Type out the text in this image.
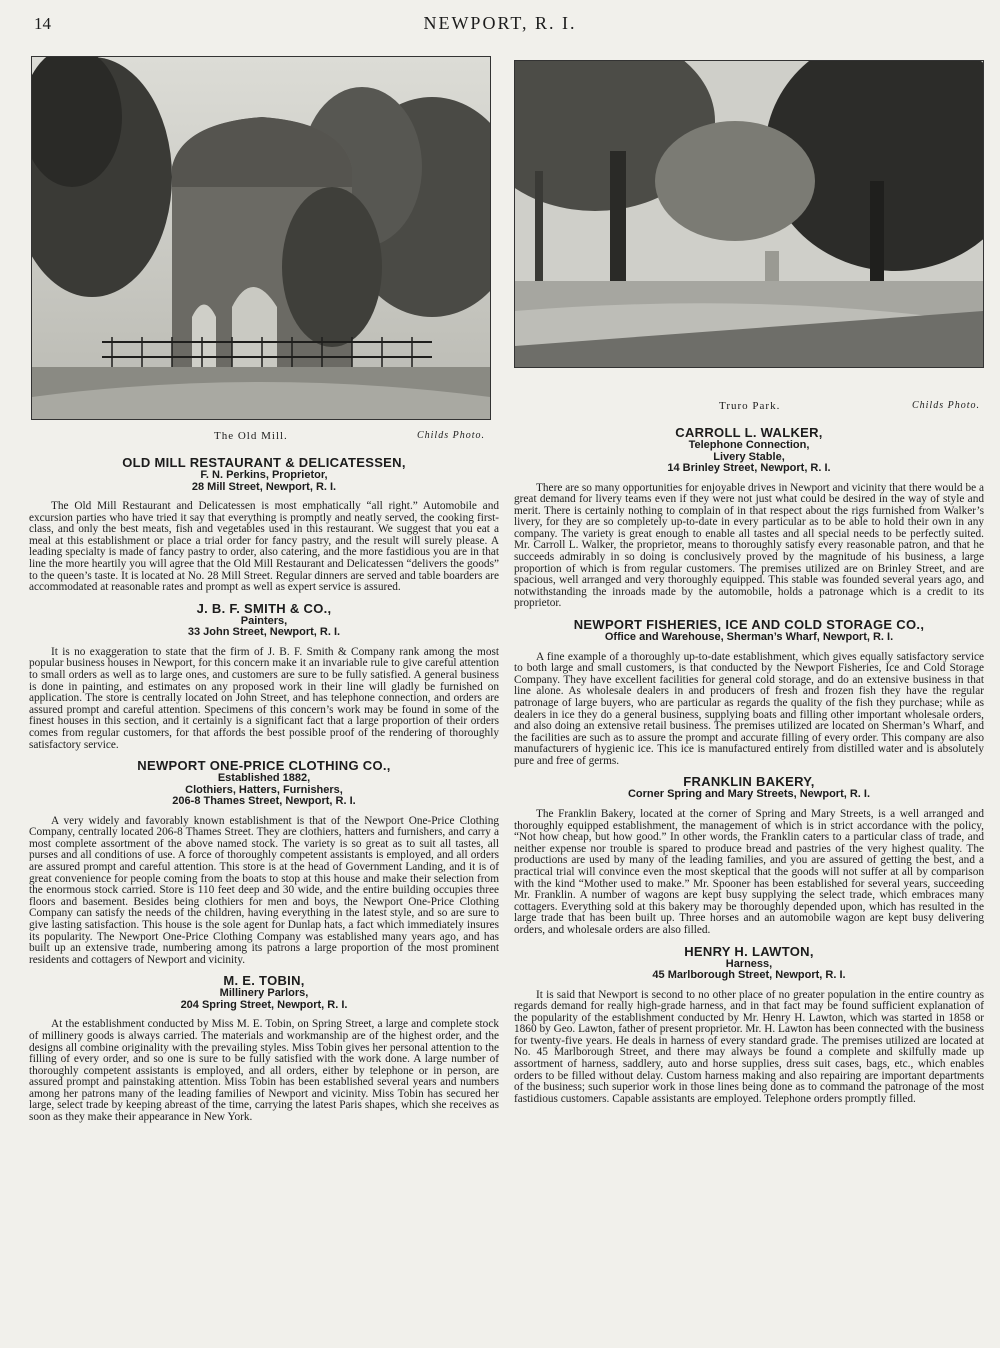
14	NEWPORT, R. I.
The Old Mill.	Childs Photo.
OLD MILL RESTAURANT & DELICATESSEN,
F. N. Perkins, Proprietor,
28 Mill Street, Newport, R. I.
The Old Mill Restaurant and Delicatessen is most emphatically “all right.” Automobile and excursion parties who have tried it say that everything is promptly and neatly served, the cooking first-class, and only the best meats, fish and vegetables used in this restaurant. We suggest that you eat a meal at this establishment or place a trial order for fancy pastry, and the result will surely please. A leading specialty is made of fancy pastry to order, also catering, and the more fastidious you are in that line the more heartily you will agree that the Old Mill Restaurant and Delicatessen “delivers the goods” to the queen’s taste. It is located at No. 28 Mill Street. Regular dinners are served and table boarders are accommodated at reasonable rates and prompt as well as expert service is assured.
J. B. F. SMITH & CO.,
Painters,
33 John Street, Newport, R. I.
It is no exaggeration to state that the firm of J. B. F. Smith & Company rank among the most popular business houses in Newport, for this concern make it an invariable rule to give careful attention to small orders as well as to large ones, and customers are sure to be fully satisfied. A general business is done in painting, and estimates on any proposed work in their line will gladly be furnished on application. The store is centrally located on John Street, and has telephone connection, and orders are assured prompt and careful attention. Specimens of this concern’s work may be found in some of the finest houses in this section, and it certainly is a significant fact that a large proportion of their orders comes from regular customers, for that affords the best possible proof of the rendering of thoroughly satisfactory service.
NEWPORT ONE-PRICE CLOTHING CO.,
Established 1882,
Clothiers, Hatters, Furnishers,
206-8 Thames Street, Newport, R. I.
A very widely and favorably known establishment is that of the Newport One-Price Clothing Company, centrally located 206-8 Thames Street. They are clothiers, hatters and furnishers, and carry a most complete assortment of the above named stock. The variety is so great as to suit all tastes, all purses and all conditions of use. A force of thoroughly competent assistants is employed, and all orders are assured prompt and careful attention. This store is at the head of Government Landing, and it is of great convenience for people coming from the boats to stop at this house and make their selection from the enormous stock carried. Store is 110 feet deep and 30 wide, and the entire building occupies three floors and basement. Besides being clothiers for men and boys, the Newport One-Price Clothing Company can satisfy the needs of the children, having everything in the latest style, and so are sure to give lasting satisfaction. This house is the sole agent for Dunlap hats, a fact which immediately insures its popularity. The Newport One-Price Clothing Company was established many years ago, and has built up an extensive trade, numbering among its patrons a large proportion of the most prominent residents and cottagers of Newport and vicinity.
M. E. TOBIN,
Millinery Parlors,
204 Spring Street, Newport, R. I.
At the establishment conducted by Miss M. E. Tobin, on Spring Street, a large and complete stock of millinery goods is always carried. The materials and workmanship are of the highest order, and the designs all combine originality with the prevailing styles. Miss Tobin gives her personal attention to the filling of every order, and so one is sure to be fully satisfied with the work done. A large number of thoroughly competent assistants is employed, and all orders, either by telephone or in person, are assured prompt and painstaking attention. Miss Tobin has been established several years and numbers among her patrons many of the leading families of Newport and vicinity. Miss Tobin has secured her large, select trade by keeping abreast of the time, carrying the latest Paris shapes, which she receives as soon as they make their appearance in New York.
Truro Park.	Childs Photo.
CARROLL L. WALKER,
Telephone Connection,
Livery Stable,
14 Brinley Street, Newport, R. I.
There are so many opportunities for enjoyable drives in Newport and vicinity that there would be a great demand for livery teams even if they were not just what could be desired in the way of style and merit. There is certainly nothing to complain of in that respect about the rigs furnished from Walker’s livery, for they are so completely up-to-date in every particular as to be able to hold their own in any company. The variety is great enough to enable all tastes and all special needs to be perfectly suited. Mr. Carroll L. Walker, the proprietor, means to thoroughly satisfy every reasonable patron, and that he succeeds admirably in so doing is conclusively proved by the magnitude of his business, a large proportion of which is from regular customers. The premises utilized are on Brinley Street, and are spacious, well arranged and very thoroughly equipped. This stable was founded several years ago, and notwithstanding the inroads made by the automobile, holds a patronage which is a credit to its proprietor.
NEWPORT FISHERIES, ICE AND COLD STORAGE CO.,
Office and Warehouse, Sherman’s Wharf, Newport, R. I.
A fine example of a thoroughly up-to-date establishment, which gives equally satisfactory service to both large and small customers, is that conducted by the Newport Fisheries, Ice and Cold Storage Company. They have excellent facilities for general cold storage, and do an extensive business in that line alone. As wholesale dealers in and producers of fresh and frozen fish they have the regular patronage of large buyers, who are particular as regards the quality of the fish they purchase; while as dealers in ice they do a general business, supplying boats and filling other important wholesale orders, and also doing an extensive retail business. The premises utilized are located on Sherman’s Wharf, and the facilities are such as to assure the prompt and accurate filling of every order. This company are also manufacturers of hygienic ice. This ice is manufactured entirely from distilled water and is absolutely pure and free of germs.
FRANKLIN BAKERY,
Corner Spring and Mary Streets, Newport, R. I.
The Franklin Bakery, located at the corner of Spring and Mary Streets, is a well arranged and thoroughly equipped establishment, the management of which is in strict accordance with the policy, “Not how cheap, but how good.” In other words, the Franklin caters to a particular class of trade, and neither expense nor trouble is spared to produce bread and pastries of the very highest quality. The productions are used by many of the leading families, and you are assured of getting the best, and a practical trial will convince even the most skeptical that the goods will not suffer at all by comparison with the kind “Mother used to make.” Mr. Spooner has been established for several years, succeeding Mr. Franklin. A number of wagons are kept busy supplying the select trade, which embraces many cottagers. Everything sold at this bakery may be thoroughly depended upon, which has resulted in the large trade that has been built up. Three horses and an automobile wagon are kept busy delivering orders, and wholesale orders are also filled.
HENRY H. LAWTON,
Harness,
45 Marlborough Street, Newport, R. I.
It is said that Newport is second to no other place of no greater population in the entire country as regards demand for really high-grade harness, and in that fact may be found sufficient explanation of the popularity of the establishment conducted by Mr. Henry H. Lawton, which was started in 1858 or 1860 by Geo. Lawton, father of present proprietor. Mr. H. Lawton has been connected with the business for twenty-five years. He deals in harness of every standard grade. The premises utilized are located at No. 45 Marlborough Street, and there may always be found a complete and skilfully made up assortment of harness, saddlery, auto and horse supplies, dress suit cases, bags, etc., which enables orders to be filled without delay. Custom harness making and also repairing are important departments of the business; such superior work in those lines being done as to command the patronage of the most fastidious customers. Capable assistants are employed. Telephone orders promptly filled.
